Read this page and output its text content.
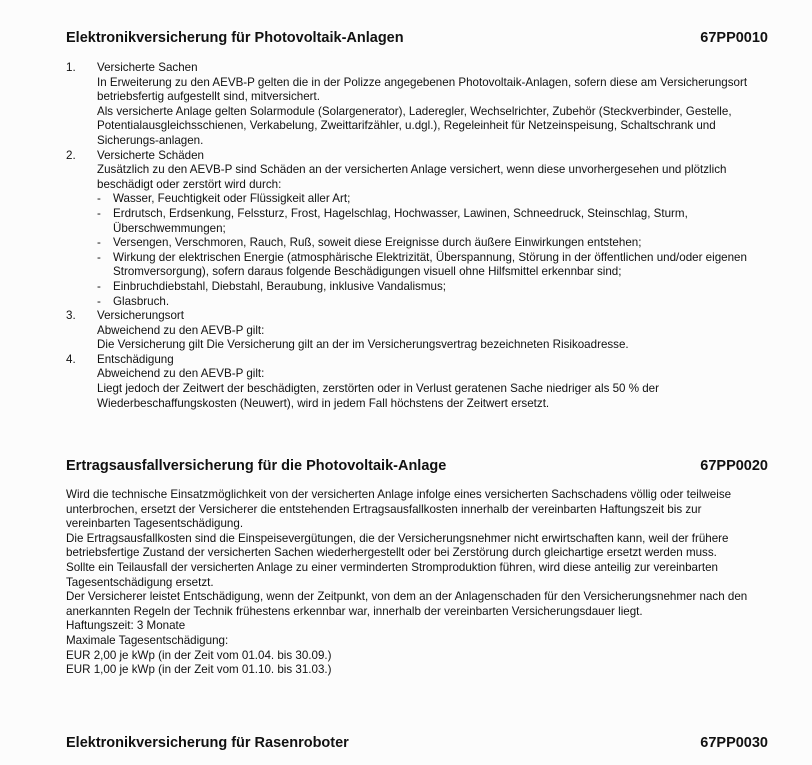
Elektronikversicherung für Photovoltaik-Anlagen	67PP0010
1.	Versicherte Sachen

In Erweiterung zu den AEVB-P gelten die in der Polizze angegebenen Photovoltaik-Anlagen, sofern diese am Versicherungsort betriebsfertig aufgestellt sind, mitversichert.

Als versicherte Anlage gelten Solarmodule (Solargenerator), Laderegler, Wechselrichter, Zubehör (Steckverbinder, Gestelle, Potentialausgleichsschienen, Verkabelung, Zweittarifzähler, u.dgl.), Regeleinheit für Netzeinspeisung, Schaltschrank und Sicherungs-anlagen.

2.	Versicherte Schäden

Zusätzlich zu den AEVB-P sind Schäden an der versicherten Anlage versichert, wenn diese unvorhergesehen und plötzlich beschädigt oder zerstört wird durch:

-	Wasser, Feuchtigkeit oder Flüssigkeit aller Art;
-	Erdrutsch, Erdsenkung, Felssturz, Frost, Hagelschlag, Hochwasser, Lawinen, Schneedruck, Steinschlag, Sturm, Überschwemmungen;
-	Versengen, Verschmoren, Rauch, Ruß, soweit diese Ereignisse durch äußere Einwirkungen entstehen;
-	Wirkung der elektrischen Energie (atmosphärische Elektrizität, Überspannung, Störung in der öffentlichen und/oder eigenen Stromversorgung), sofern daraus folgende Beschädigungen visuell ohne Hilfsmittel erkennbar sind;
-	Einbruchdiebstahl, Diebstahl, Beraubung, inklusive Vandalismus;
-	Glasbruch.
3.	Versicherungsort

Abweichend zu den AEVB-P gilt:

Die Versicherung gilt Die Versicherung gilt an der im Versicherungsvertrag bezeichneten Risikoadresse.

4.	Entschädigung

Abweichend zu den AEVB-P gilt:

Liegt jedoch der Zeitwert der beschädigten, zerstörten oder in Verlust geratenen Sache niedriger als 50 % der Wiederbeschaffungskosten (Neuwert), wird in jedem Fall höchstens der Zeitwert ersetzt.

Ertragsausfallversicherung für die Photovoltaik-Anlage	67PP0020

Wird die technische Einsatzmöglichkeit von der versicherten Anlage infolge eines versicherten Sachschadens völlig oder teilweise unterbrochen, ersetzt der Versicherer die entstehenden Ertragsausfallkosten innerhalb der vereinbarten Haftungszeit bis zur vereinbarten Tagesentschädigung.

Die Ertragsausfallkosten sind die Einspeisevergütungen, die der Versicherungsnehmer nicht erwirtschaften kann, weil der frühere betriebsfertige Zustand der versicherten Sachen wiederhergestellt oder bei Zerstörung durch gleichartige ersetzt werden muss.

Sollte ein Teilausfall der versicherten Anlage zu einer verminderten Stromproduktion führen, wird diese anteilig zur vereinbarten Tagesentschädigung ersetzt.

Der Versicherer leistet Entschädigung, wenn der Zeitpunkt, von dem an der Anlagenschaden für den Versicherungsnehmer nach den anerkannten Regeln der Technik frühestens erkennbar war, innerhalb der vereinbarten Versicherungsdauer liegt.

Haftungszeit: 3 Monate

Maximale Tagesentschädigung:

EUR 2,00 je kWp (in der Zeit vom 01.04. bis 30.09.)

EUR 1,00 je kWp (in der Zeit vom 01.10. bis 31.03.)

Elektronikversicherung für Rasenroboter	67PP0030
